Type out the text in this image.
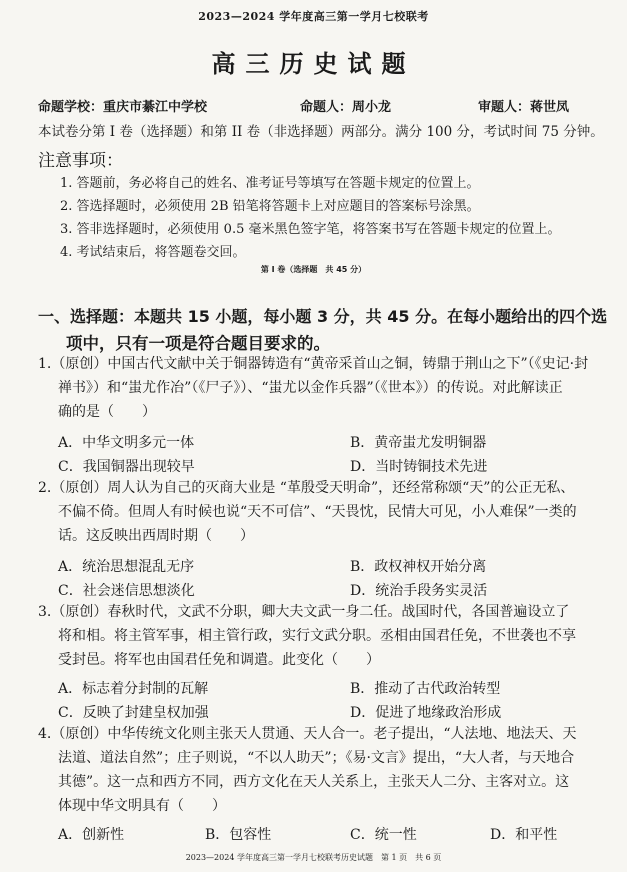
2023—2024 学年度高三第一学月七校联考
高三历史试题
命题学校：重庆市綦江中学校	命题人：周小龙	审题人：蒋世凤
本试卷分第 I 卷（选择题）和第 II 卷（非选择题）两部分。满分 100 分，考试时间 75 分钟。
注意事项：
1. 答题前，务必将自己的姓名、准考证号等填写在答题卡规定的位置上。
2. 答选择题时，必须使用 2B 铅笔将答题卡上对应题目的答案标号涂黑。
3. 答非选择题时，必须使用 0.5 毫米黑色签字笔，将答案书写在答题卡规定的位置上。
4. 考试结束后，将答题卷交回。
第 I 卷（选择题　共 45 分）
一、选择题：本题共 15 小题，每小题 3 分，共 45 分。在每小题给出的四个选
项中，只有一项是符合题目要求的。
1.（原创）中国古代文献中关于铜器铸造有“黄帝采首山之铜，铸鼎于荆山之下”（《史记·封
禅书》）和“蚩尤作冶”（《尸子》）、“蚩尤以金作兵器”（《世本》）的传说。对此解读正
确的是（　　）
A．中华文明多元一体	B．黄帝蚩尤发明铜器
C．我国铜器出现较早	D．当时铸铜技术先进
2.（原创）周人认为自己的灭商大业是 “革殷受天明命”，还经常称颂“天”的公正无私、
不偏不倚。但周人有时候也说“天不可信”、“天畏忱，民情大可见，小人难保”一类的
话。这反映出西周时期（　　）
A．统治思想混乱无序	B．政权神权开始分离
C．社会迷信思想淡化	D．统治手段务实灵活
3.（原创）春秋时代，文武不分职，卿大夫文武一身二任。战国时代，各国普遍设立了
将和相。将主管军事，相主管行政，实行文武分职。丞相由国君任免，不世袭也不享
受封邑。将军也由国君任免和调遣。此变化（　　）
A．标志着分封制的瓦解	B．推动了古代政治转型
C．反映了封建皇权加强	D．促进了地缘政治形成
4.（原创）中华传统文化则主张天人贯通、天人合一。老子提出，“人法地、地法天、天
法道、道法自然”；庄子则说，“不以人助天”；《易·文言》提出，“大人者，与天地合
其德”。这一点和西方不同，西方文化在天人关系上，主张天人二分、主客对立。这
体现中华文明具有（　　）
A．创新性	B．包容性	C．统一性	D．和平性
2023—2024 学年度高三第一学月七校联考历史试题　第 1 页　共 6 页
